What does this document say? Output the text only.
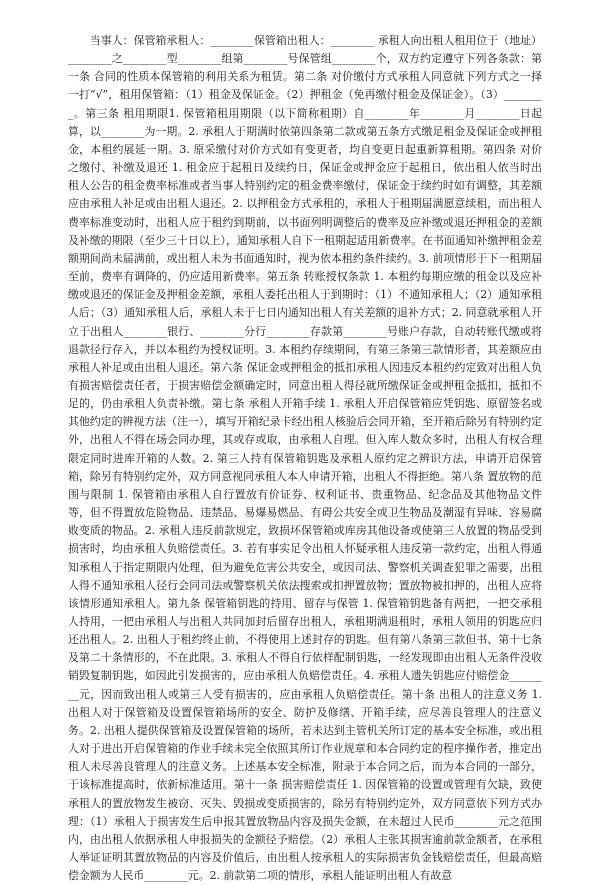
当事人：保管箱承租人：________保管箱出租人：________ 承租人向出租人租用位于（地址）________之________型________组第________号保管组________个，双方约定遵守下列各条款：第一条 合同的性质本保管箱的利用关系为租赁。第二条 对价缴付方式承租人同意就下列方式之一择一打“√”，租用保管箱：（1）租金及保证金。（2）押租金（免再缴付租金及保证金）。（3）________。第三条 租用期限1. 保管箱租用期限（以下简称租期）自________年________月________日起算，以________为一期。2. 承租人于期满时依第四条第二款或第五条方式缴足租金及保证金或押租金，本租约展延一期。3. 原采缴付对价方式如有变更者，均自变更日起重新算租期。第四条 对价之缴付、补缴及退还 1. 租金应于起租日及续约日，保证金或押金应于起租日，依出租人依当时出租人公告的租金费率标准或者当事人特别约定的租金费率缴付，保证金于续约时如有调整，其差额应由承租人补足或由出租人退还。2. 以押租金方式承租的，承租人于租期届满愿意续租，而出租人费率标准变动时，出租人应于租约到期前，以书面列明调整后的费率及应补缴或退还押租金的差额及补缴的期限（至少三十日以上），通知承租人自下一租期起适用新费率。在书面通知补缴押租金差额期间尚未届满前，或出租人未为书面通知时，视为依本租约条件续约。3. 前项情形于下一租期届至前，费率有调降的，仍应适用新费率。第五条 转账授权条款 1. 本租约每期应缴的租金以及应补缴或退还的保证金及押租金差额，承租人委托出租人于到期时：（1）不通知承租人；（2）通知承租人后；（3）通知承租人后，承租人未于七日内通知出租人有关差额的退补方式；2. 同意就承租人开立于出租人________银行、________分行________存款第________号账户存款，自动转账代缴或将退款径行存入，并以本租约为授权证明。3. 本租约存续期间，有第三条第三款情形者，其差额应由承租人补足或由出租人退还。第六条 保证金或押租金的抵扣承租人因违反本租约约定致对出租人负有损害赔偿责任者，于损害赔偿金额确定时，同意出租人得径就所缴保证金或押租金抵扣，抵扣不足的，仍由承租人负责补缴。第七条 承租人开箱手续 1. 承租人开启保管箱应凭钥匙、原留签名或其他约定的辨视方法（注一），填写开箱纪录卡经出租人核验后会同开箱，至开箱后除另有特别约定外，出租人不得在场会同办理，其或存或取，由承租人自理。但入库人数众多时，出租人有权合理限定同时进库开箱的人数。2. 第三人持有保管箱钥匙及承租人原约定之辨识方法，申请开启保管箱，除另有特别约定外，双方同意视同承租人本人申请开箱，出租人不得拒绝。第八条 置放物的范围与限制 1. 保管箱由承租人自行置放有价证券、权利证书、贵重物品、纪念品及其他物品文件等，但不得置放危险物品、违禁品、易爆易燃品、有碍公共安全或卫生物品及潮湿有异味、容易腐败变质的物品。2. 承租人违反前款规定，致损坏保管箱或库房其他设备或使第三人放置的物品受到损害时，均由承租人负赔偿责任。3. 若有事实足令出租人怀疑承租人违反第一款约定，出租人得通知承租人于指定期限内处理，但为避免危害公共安全，或因司法、警察机关调查犯罪之需要，出租人得不通知承租人径行会同司法或警察机关依法搜索或扣押置放物；置放物被扣押的，出租人应将该情形通知承租人。第九条 保管箱钥匙的持用、留存与保管 1. 保管箱钥匙备有两把，一把交承租人持用，一把由承租人与出租人共同加封后留存出租人，承租期满退租时，承租人领用的钥匙应归还出租人。2. 出租人于租约终止前，不得使用上述封存的钥匙。但有第八条第三款但书、第十七条及第二十条情形的，不在此限。3. 承租人不得自行依样配制钥匙，一经发现即由出租人无条件没收销毁复制钥匙，如因此引发损害的，应由承租人负赔偿责任。4. 承租人遗失钥匙应付赔偿金________元，因而致出租人或第三人受有损害的，应由承租人负赔偿责任。第十条 出租人的注意义务 1. 出租人对于保管箱及设置保管箱场所的安全、防护及修缮、开箱手续，应尽善良管理人的注意义务。2. 出租人提供保管箱及设置保管箱的场所，若未达到主管机关所订定的基本安全标准，或出租人对于进出开启保管箱的作业手续未完全依照其所订作业规章和本合同约定的程序操作者，推定出租人未尽善良管理人的注意义务。上述基本安全标准，附录于本合同之后，而为本合同的一部分，于该标准提高时，依新标准适用。第十一条 损害赔偿责任 1. 因保管箱的设置或管理有欠缺，致使承租人的置放物发生被窃、灭失、毁损或变质损害的，除另有特别约定外，双方同意依下列方式办理：（1）承租人于损害发生后申报其置放物品内容及损失金额，在未超过人民币________元之范围内，由出租人依据承租人申报损失的金额径予赔偿。（2）承租人主张其损害逾前款金额者，在承租人举证证明其置放物品的内容及价值后，由出租人按承租人的实际损害负金钱赔偿责任，但最高赔偿金额为人民币________元。2. 前款第二项的情形，承租人能证明出租人有故意
